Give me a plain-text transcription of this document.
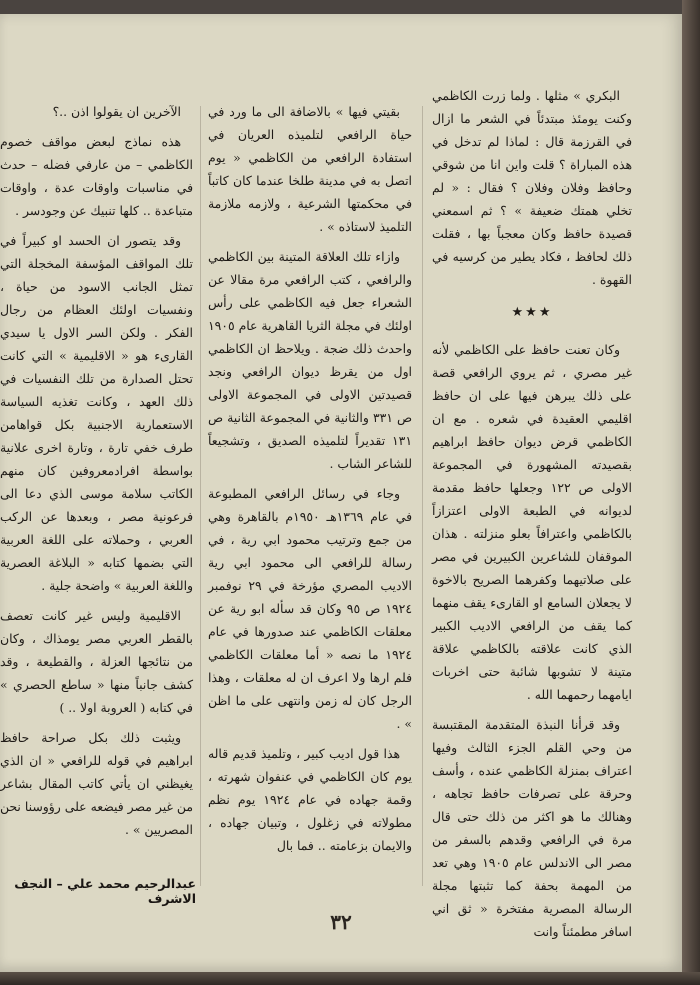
البكري » مثلها . ولما زرت الكاظمي وكنت يومئذ مبتدئاً في الشعر ما ازال في القرزمة قال : لماذا لم تدخل في هذه المباراة ؟ قلت واين انا من شوقي وحافظ وفلان وفلان ؟ فقال : « لم تخلي همتك ضعيفة » ؟ ثم اسمعني قصيدة حافظ وكان معجباً بها ، فقلت ذلك لحافظ ، فكاد يطير من كرسيه في القهوة .

★★★

وكان تعنت حافظ على الكاظمي لأنه غير مصري ، ثم يروي الرافعي قصة على ذلك يبرهن فيها على ان حافظ اقليمي العقيدة في شعره . مع ان الكاظمي قرض ديوان حافظ ابراهيم بقصيدته المشهورة في المجموعة الاولى ص ١٢٢ وجعلها حافظ مقدمة لديوانه في الطبعة الاولى اعتزازاً بالكاظمي واعترافاً بعلو منزلته . هذان الموقفان للشاعرين الكبيرين في مصر على صلاتيهما وكفرهما الصريح بالاخوة لا يجعلان السامع او القارىء يقف منهما كما يقف من الرافعي الاديب الكبير الذي كانت علاقته بالكاظمي علاقة متينة لا تشوبها شائبة حتى اخربات ايامهما رحمهما الله .

وقد قرأنا النبذة المتقدمة المقتبسة من وحي القلم الجزء الثالث وفيها اعتراف بمنزلة الكاظمي عنده ، وأسف وحرقة على تصرفات حافظ تجاهه ، وهنالك ما هو اكثر من ذلك حتى قال مرة في الرافعي وقدهم بالسفر من مصر الى الاندلس عام ١٩٠٥ وهي تعد من المهمة بحفة كما تثبتها مجلة الرسالة المصرية مفتخرة « ثق اني اسافر مطمئناً وانت

بقيتي فيها » بالاضافة الى ما ورد في حياة الرافعي لتلميذه العريان في استفادة الرافعي من الكاظمي « يوم اتصل به في مدينة طلخا عندما كان كاتباً في محكمتها الشرعية ، ولازمه ملازمة التلميذ لاستاذه » .

وازاء تلك العلاقة المتينة بين الكاظمي والرافعي ، كتب الرافعي مرة مقالا عن الشعراء جعل فيه الكاظمي على رأس اولئك في مجلة الثريا القاهرية عام ١٩٠٥ واحدث ذلك ضجة . ويلاحظ ان الكاظمي اول من يقرظ ديوان الرافعي ونجد قصيدتين الاولى في المجموعة الاولى ص ٣٣١ والثانية في المجموعة الثانية ص ١٣١ تقديراً لتلميذه الصديق ، وتشجيعاً للشاعر الشاب .

وجاء في رسائل الرافعي المطبوعة في عام ١٣٦٩هـ ١٩٥٠م بالقاهرة وهي من جمع وترتيب محمود ابي رية ، في رسالة للرافعي الى محمود ابي رية الاديب المصري مؤرخة في ٢٩ نوفمبر ١٩٢٤ ص ٩٥ وكان قد سأله ابو رية عن معلقات الكاظمي عند صدورها في عام ١٩٢٤ ما نصه « أما معلقات الكاظمي فلم ارها ولا اعرف ان له معلقات ، وهذا الرجل كان له زمن وانتهى على ما اظن » .

هذا قول اديب كبير ، وتلميذ قديم قاله يوم كان الكاظمي في عنفوان شهرته ، وقمة جهاده في عام ١٩٢٤ يوم نظم مطولاته في زغلول ، وتبيان جهاده ، والايمان بزعامته .. فما بال

الآخرين ان يقولوا اذن ..؟

هذه نماذج لبعض مواقف خصوم الكاظمي – من عارفي فضله – حدث في مناسبات واوقات عدة ، واوقات متباعدة .. كلها تنبيك عن وجودسر .

وقد يتصور ان الحسد او كبيراً في تلك المواقف المؤسفة المخجلة التي تمثل الجانب الاسود من حياة ، ونفسيات اولئك العظام من رجال الفكر . ولكن السر الاول يا سيدي القارىء هو « الاقليمية » التي كانت تحتل الصدارة من تلك النفسيات في ذلك العهد ، وكانت تغذيه السياسة الاستعمارية الاجنبية بكل قواهامن طرف خفي تارة ، وتارة اخرى علانية بواسطة افرادمعروفين كان منهم الكاتب سلامة موسى الذي دعا الى فرعونية مصر ، وبعدها عن الركب العربي ، وحملاته على اللغة العربية التي بضمها كتابه « البلاغة العصرية واللغة العربية » واضحة جلية .

الاقليمية وليس غير كانت تعصف بالقطر العربي مصر يومذاك ، وكان من نتائجها العزلة ، والقطيعة ، وقد كشف جانباً منها « ساطع الحصري » في كتابه ( العروبة اولا .. )

ويثبت ذلك بكل صراحة حافظ ابراهيم في قوله للرافعي « ان الذي يغيظني ان يأتي كاتب المقال بشاعر من غير مصر فيضعه على رؤوسنا نحن المصريين » .

عبدالرحيم محمد علي – النجف الاشرف
٣٢
